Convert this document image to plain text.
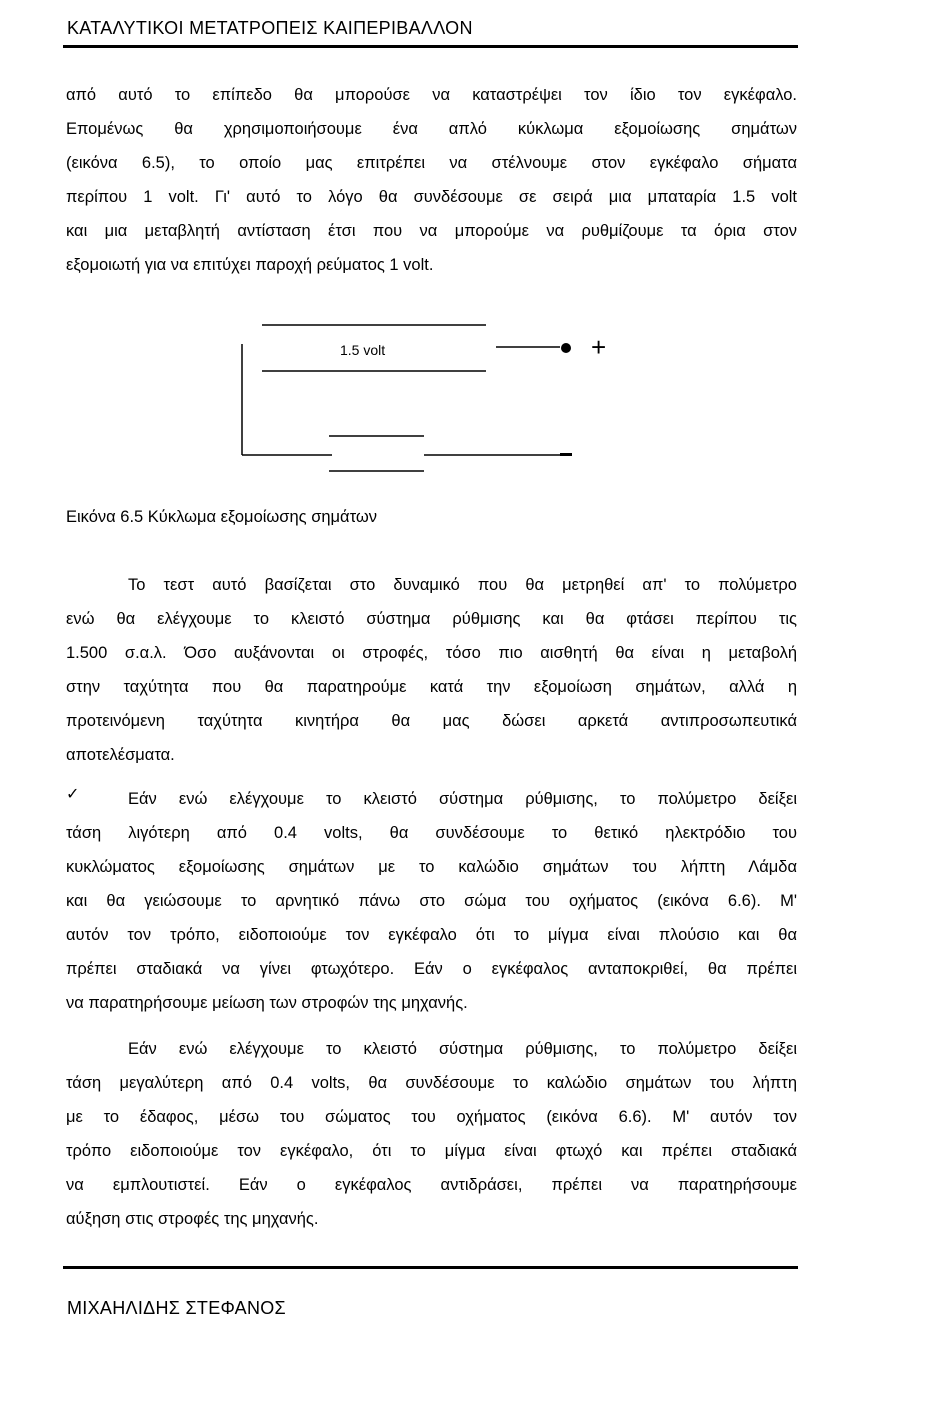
ΚΑΤΑΛΥΤΙΚΟΙ ΜΕΤΑΤΡΟΠΕΙΣ ΚΑΙΠΕΡΙΒΑΛΛΟΝ
από αυτό το επίπεδο θα μπορούσε να καταστρέψει τον ίδιο τον εγκέφαλο.
Επομένως θα χρησιμοποιήσουμε ένα απλό κύκλωμα εξομοίωσης σημάτων
(εικόνα 6.5), το οποίο μας επιτρέπει να στέλνουμε στον εγκέφαλο σήματα
περίπου 1 volt. Γι' αυτό το λόγο θα συνδέσουμε σε σειρά μια μπαταρία 1.5 volt
και μια μεταβλητή αντίσταση έτσι που να μπορούμε να ρυθμίζουμε τα όρια στον
εξομοιωτή για να επιτύχει παροχή ρεύματος 1 volt.
1.5 volt	+
Εικόνα 6.5 Κύκλωμα εξομοίωσης σημάτων
Το τεστ αυτό βασίζεται στο δυναμικό που θα μετρηθεί απ' το πολύμετρο
ενώ θα ελέγχουμε το κλειστό σύστημα ρύθμισης και θα φτάσει περίπου τις
1.500 σ.α.λ. Όσο αυξάνονται οι στροφές, τόσο πιο αισθητή θα είναι η μεταβολή
στην ταχύτητα που θα παρατηρούμε κατά την εξομοίωση σημάτων, αλλά η
προτεινόμενη ταχύτητα κινητήρα θα μας δώσει αρκετά αντιπροσωπευτικά
αποτελέσματα.
✓	Εάν ενώ ελέγχουμε το κλειστό σύστημα ρύθμισης, το πολύμετρο δείξει
τάση λιγότερη από 0.4 volts, θα συνδέσουμε το θετικό ηλεκτρόδιο του
κυκλώματος εξομοίωσης σημάτων με το καλώδιο σημάτων του λήπτη Λάμδα
και θα γειώσουμε το αρνητικό πάνω στο σώμα του οχήματος (εικόνα 6.6). Μ'
αυτόν τον τρόπο, ειδοποιούμε τον εγκέφαλο ότι το μίγμα είναι πλούσιο και θα
πρέπει σταδιακά να γίνει φτωχότερο. Εάν ο εγκέφαλος ανταποκριθεί, θα πρέπει
να παρατηρήσουμε μείωση των στροφών της μηχανής.
Εάν ενώ ελέγχουμε το κλειστό σύστημα ρύθμισης, το πολύμετρο δείξει
τάση μεγαλύτερη από 0.4 volts, θα συνδέσουμε το καλώδιο σημάτων του λήπτη
με το έδαφος, μέσω του σώματος του οχήματος (εικόνα 6.6). Μ' αυτόν τον
τρόπο ειδοποιούμε τον εγκέφαλο, ότι το μίγμα είναι φτωχό και πρέπει σταδιακά
να εμπλουτιστεί. Εάν ο εγκέφαλος αντιδράσει, πρέπει να παρατηρήσουμε
αύξηση στις στροφές της μηχανής.
ΜΙΧΑΗΛΙΔΗΣ ΣΤΕΦΑΝΟΣ
